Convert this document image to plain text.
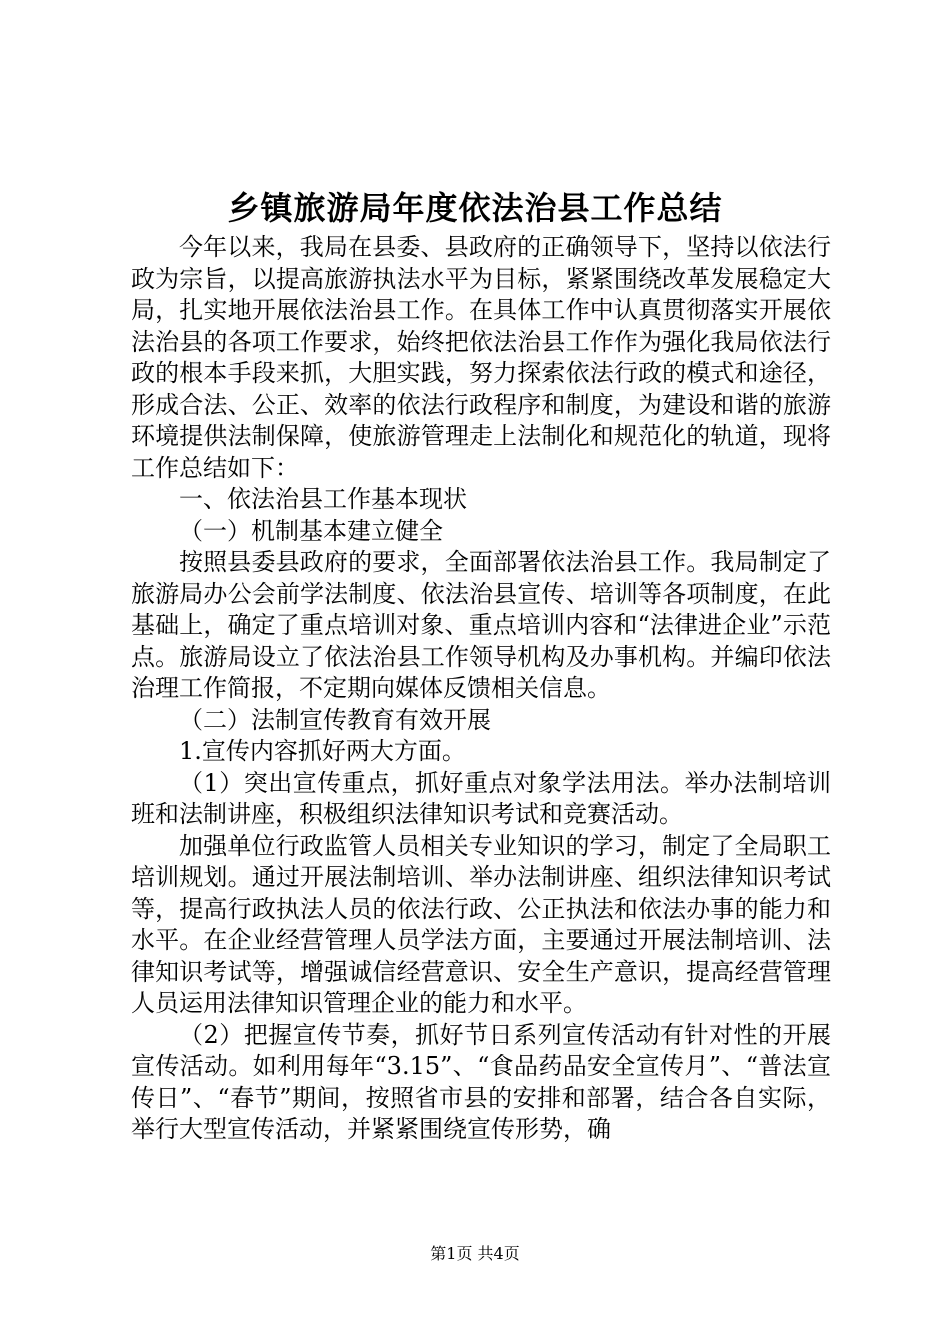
乡镇旅游局年度依法治县工作总结

今年以来，我局在县委、县政府的正确领导下，坚持以依法行政为宗旨，以提高旅游执法水平为目标，紧紧围绕改革发展稳定大局，扎实地开展依法治县工作。在具体工作中认真贯彻落实开展依法治县的各项工作要求，始终把依法治县工作作为强化我局依法行政的根本手段来抓，大胆实践，努力探索依法行政的模式和途径，形成合法、公正、效率的依法行政程序和制度，为建设和谐的旅游环境提供法制保障，使旅游管理走上法制化和规范化的轨道，现将工作总结如下：

一、依法治县工作基本现状

（一）机制基本建立健全

按照县委县政府的要求，全面部署依法治县工作。我局制定了旅游局办公会前学法制度、依法治县宣传、培训等各项制度，在此基础上，确定了重点培训对象、重点培训内容和“法律进企业”示范点。旅游局设立了依法治县工作领导机构及办事机构。并编印依法治理工作简报，不定期向媒体反馈相关信息。

（二）法制宣传教育有效开展

1.宣传内容抓好两大方面。

（1）突出宣传重点，抓好重点对象学法用法。举办法制培训班和法制讲座，积极组织法律知识考试和竞赛活动。

加强单位行政监管人员相关专业知识的学习，制定了全局职工培训规划。通过开展法制培训、举办法制讲座、组织法律知识考试等，提高行政执法人员的依法行政、公正执法和依法办事的能力和水平。在企业经营管理人员学法方面，主要通过开展法制培训、法律知识考试等，增强诚信经营意识、安全生产意识，提高经营管理人员运用法律知识管理企业的能力和水平。

（2）把握宣传节奏，抓好节日系列宣传活动有针对性的开展宣传活动。如利用每年“3.15”、“食品药品安全宣传月”、“普法宣传日”、“春节”期间，按照省市县的安排和部署，结合各自实际，举行大型宣传活动，并紧紧围绕宣传形势，确

第1页 共4页
